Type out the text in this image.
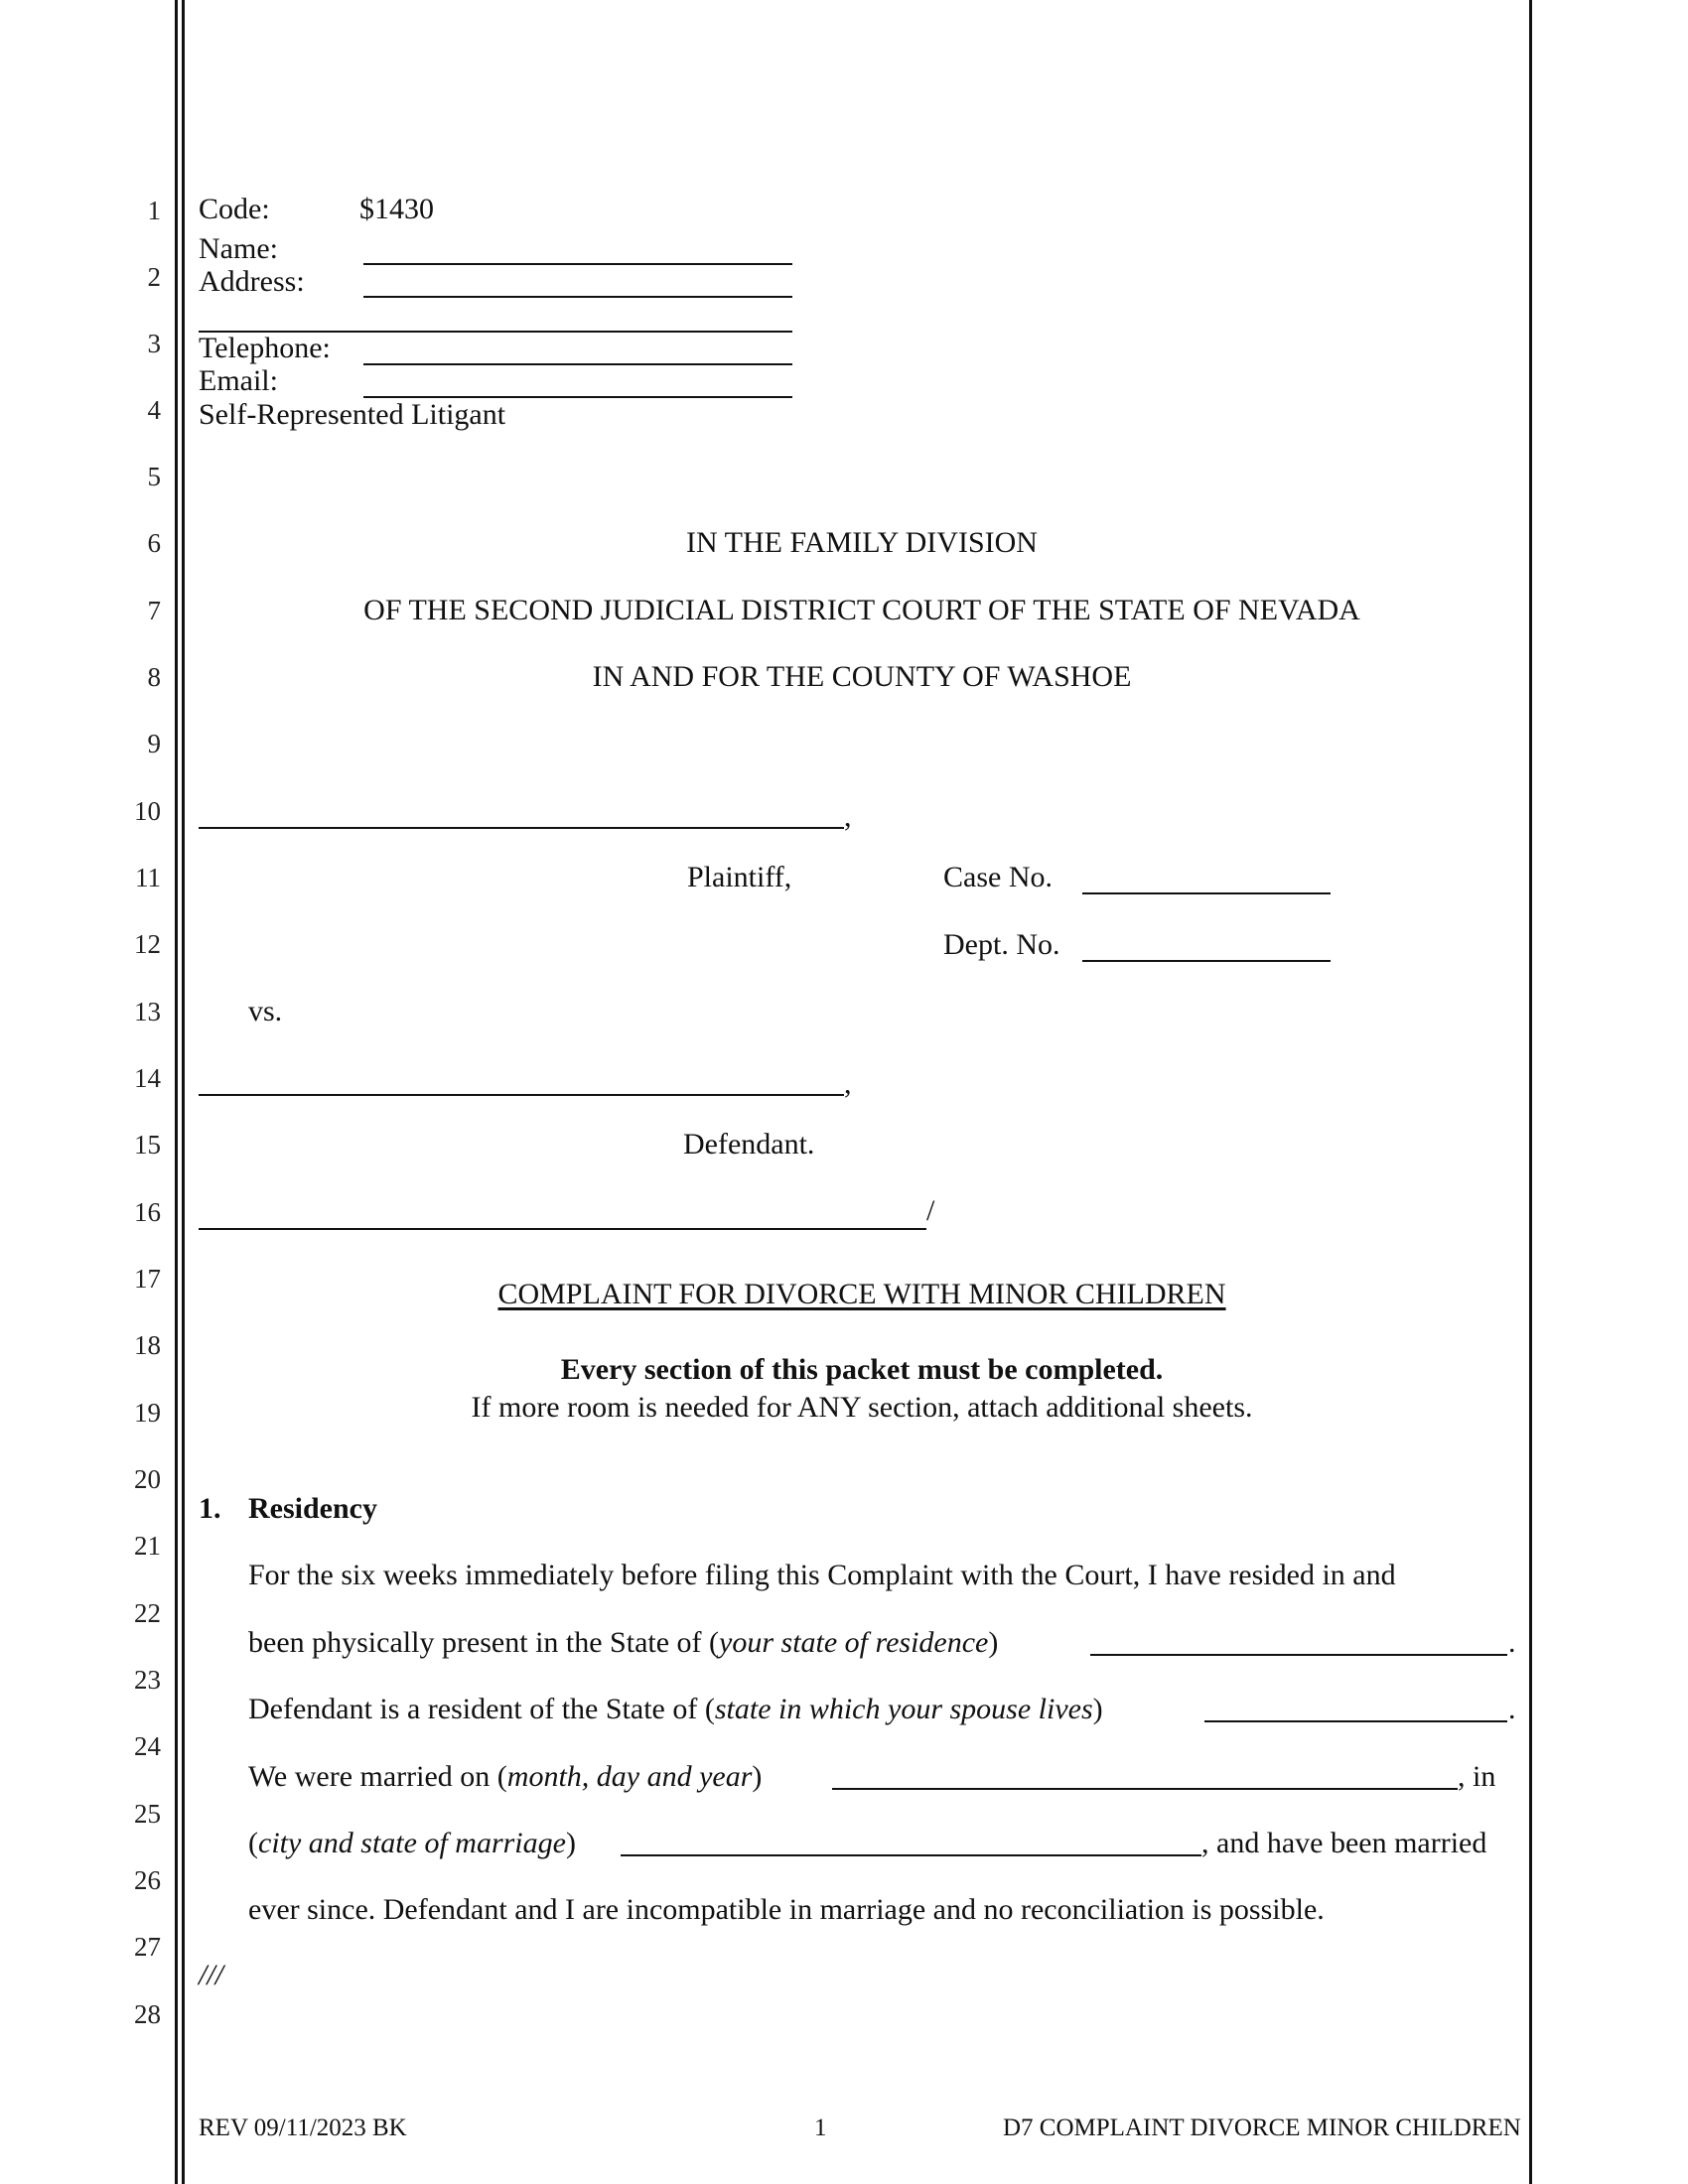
1
2
3
4
5
6
7
8
9
10
11
12
13
14
15
16
17
18
19
20
21
22
23
24
25
26
27
28
Code:	$1430
Name:
Address:
Telephone:
Email:
Self-Represented Litigant
IN THE FAMILY DIVISION
OF THE SECOND JUDICIAL DISTRICT COURT OF THE STATE OF NEVADA
IN AND FOR THE COUNTY OF WASHOE
,
Plaintiff,	Case No.
Dept. No.
vs.
,
Defendant.
/
COMPLAINT FOR DIVORCE WITH MINOR CHILDREN
Every section of this packet must be completed.
If more room is needed for ANY section, attach additional sheets.
1. Residency
For the six weeks immediately before filing this Complaint with the Court, I have resided in and
been physically present in the State of (your state of residence)	.
Defendant is a resident of the State of (state in which your spouse lives)	.
We were married on (month, day and year)	, in
(city and state of marriage)	, and have been married
ever since. Defendant and I are incompatible in marriage and no reconciliation is possible.
///
REV 09/11/2023 BK	1	D7 COMPLAINT DIVORCE MINOR CHILDREN
